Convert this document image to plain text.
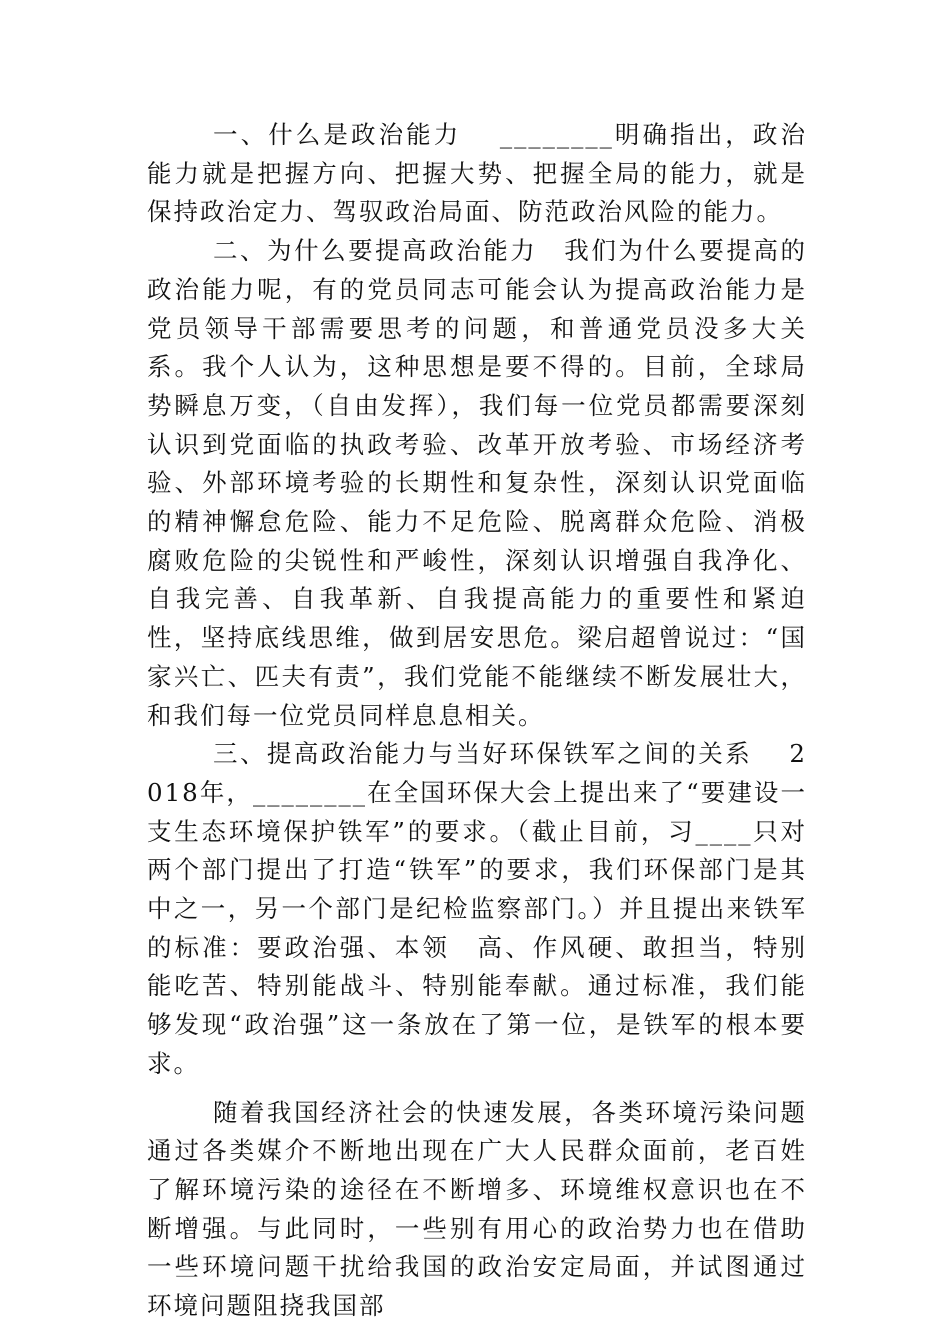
一、什么是政治能力　 ________明确指出，政治能力就是把握方向、把握大势、把握全局的能力，就是保持政治定力、驾驭政治局面、防范政治风险的能力。

二、为什么要提高政治能力　我们为什么要提高的政治能力呢，有的党员同志可能会认为提高政治能力是党员领导干部需要思考的问题，和普通党员没多大关系。我个人认为，这种思想是要不得的。目前，全球局势瞬息万变，（自由发挥），我们每一位党员都需要深刻认识到党面临的执政考验、改革开放考验、市场经济考验、外部环境考验的长期性和复杂性，深刻认识党面临的精神懈怠危险、能力不足危险、脱离群众危险、消极腐败危险的尖锐性和严峻性，深刻认识增强自我净化、自我完善、自我革新、自我提高能力的重要性和紧迫性，坚持底线思维，做到居安思危。梁启超曾说过：“国家兴亡、匹夫有责”，我们党能不能继续不断发展壮大，和我们每一位党员同样息息相关。

三、提高政治能力与当好环保铁军之间的关系　 2018年，________在全国环保大会上提出来了“要建设一支生态环境保护铁军”的要求。（截止目前，习____只对两个部门提出了打造“铁军”的要求，我们环保部门是其中之一，另一个部门是纪检监察部门。）并且提出来铁军的标准：要政治强、本领　高、作风硬、敢担当，特别能吃苦、特别能战斗、特别能奉献。通过标准，我们能够发现“政治强”这一条放在了第一位，是铁军的根本要求。

随着我国经济社会的快速发展，各类环境污染问题通过各类媒介不断地出现在广大人民群众面前，老百姓了解环境污染的途径在不断增多、环境维权意识也在不断增强。与此同时，一些别有用心的政治势力也在借助一些环境问题干扰给我国的政治安定局面，并试图通过环境问题阻挠我国部
